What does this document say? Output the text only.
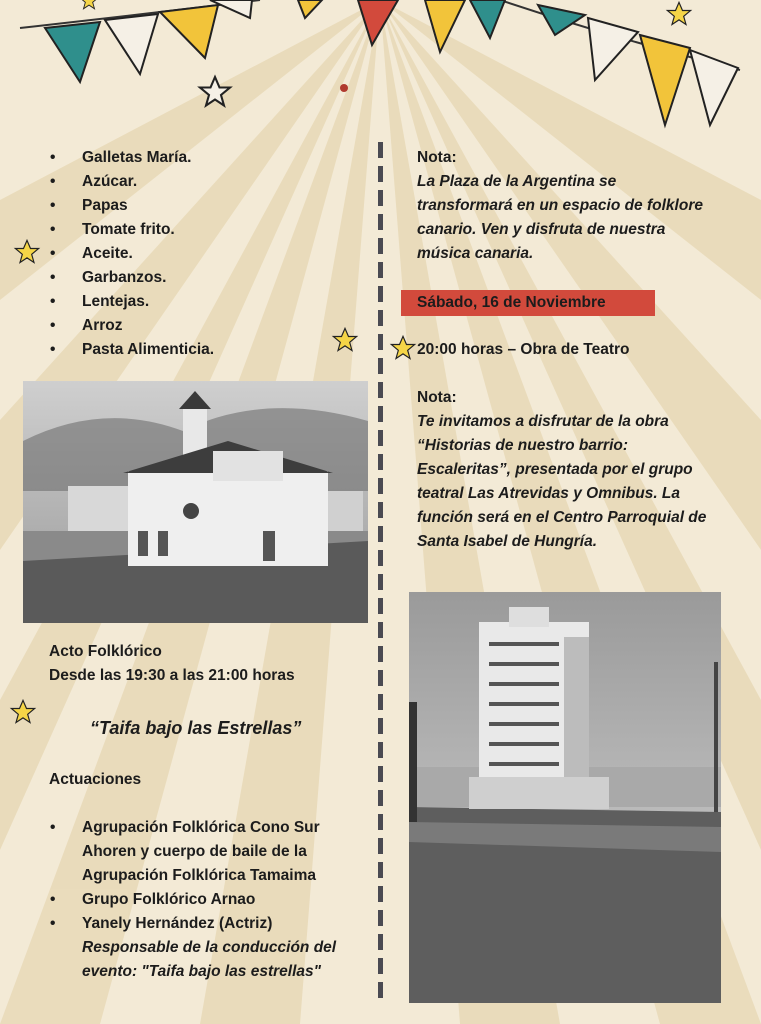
• Galletas María.
• Azúcar.
• Papas
• Tomate frito.
• Aceite.
• Garbanzos.
• Lentejas.
• Arroz
• Pasta Alimenticia.

Acto Folklórico

Desde las 19:30 a las 21:00 horas

“Taifa bajo las Estrellas”

Actuaciones

• Agrupación Folklórica Cono Sur
Ahoren y cuerpo de baile de la
Agrupación Folklórica Tamaima
• Grupo Folklórico Arnao
• Yanely Hernández (Actriz)

Responsable de la conducción del

evento: "Taifa bajo las estrellas"

Nota:

La Plaza de la Argentina se

transformará en un espacio de folklore

canario. Ven y disfruta de nuestra

música canaria.

Sábado, 16 de Noviembre

20:00 horas – Obra de Teatro

Nota:

Te invitamos a disfrutar de la obra

“Historias de nuestro barrio:

Escaleritas”, presentada por el grupo

teatral Las Atrevidas y Omnibus. La

función será en el Centro Parroquial de

Santa Isabel de Hungría.
